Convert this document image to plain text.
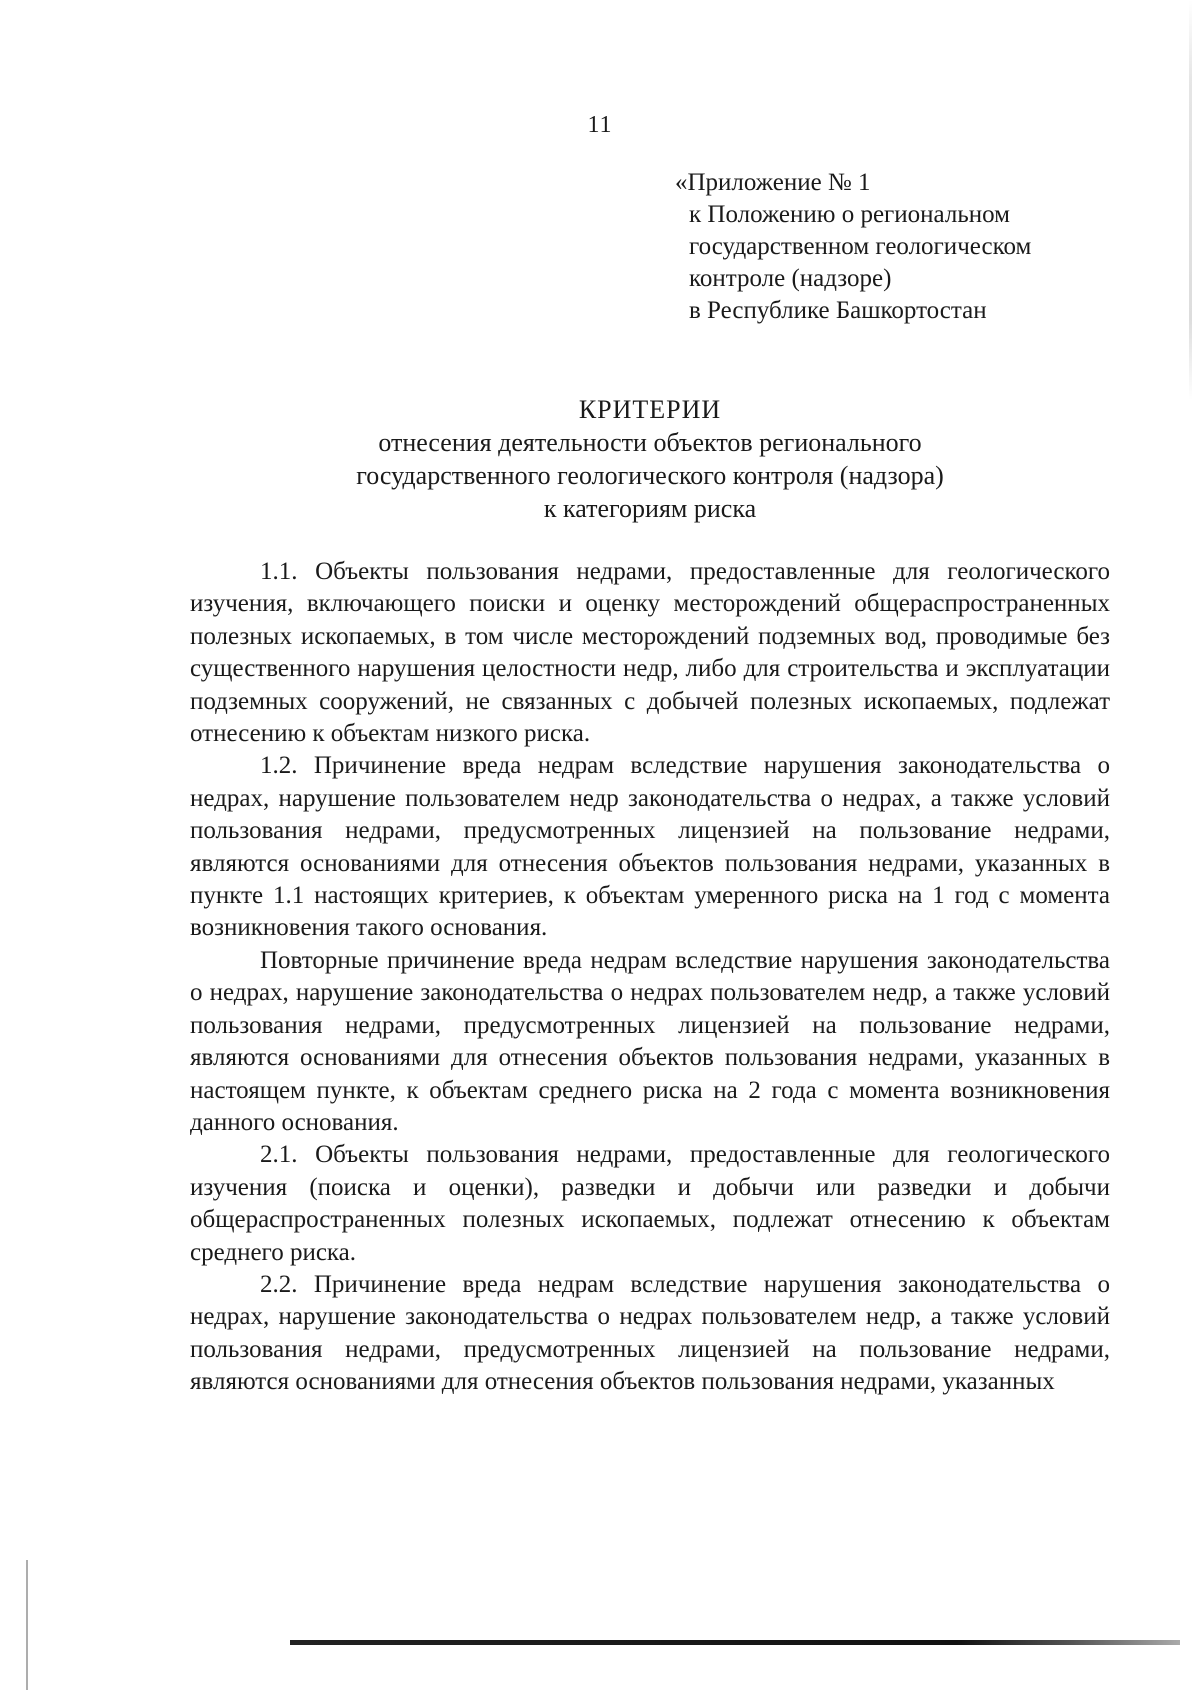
11
«Приложение № 1
к Положению о региональном
государственном геологическом
контроле (надзоре)
в Республике Башкортостан
КРИТЕРИИ
отнесения деятельности объектов регионального
государственного геологического контроля (надзора)
к категориям риска

1.1. Объекты пользования недрами, предоставленные для геологического изучения, включающего поиски и оценку месторождений общераспространенных полезных ископаемых, в том числе месторождений подземных вод, проводимые без существенного нарушения целостности недр, либо для строительства и эксплуатации подземных сооружений, не связанных с добычей полезных ископаемых, подлежат отнесению к объектам низкого риска.

1.2. Причинение вреда недрам вследствие нарушения законодательства о недрах, нарушение пользователем недр законодательства о недрах, а также условий пользования недрами, предусмотренных лицензией на пользование недрами, являются основаниями для отнесения объектов пользования недрами, указанных в пункте 1.1 настоящих критериев, к объектам умеренного риска на 1 год с момента возникновения такого основания.

Повторные причинение вреда недрам вследствие нарушения законодательства о недрах, нарушение законодательства о недрах пользователем недр, а также условий пользования недрами, предусмотренных лицензией на пользование недрами, являются основаниями для отнесения объектов пользования недрами, указанных в настоящем пункте, к объектам среднего риска на 2 года с момента возникновения данного основания.

2.1. Объекты пользования недрами, предоставленные для геологического изучения (поиска и оценки), разведки и добычи или разведки и добычи общераспространенных полезных ископаемых, подлежат отнесению к объектам среднего риска.

2.2. Причинение вреда недрам вследствие нарушения законодательства о недрах, нарушение законодательства о недрах пользователем недр, а также условий пользования недрами, предусмотренных лицензией на пользование недрами, являются основаниями для отнесения объектов пользования недрами, указанных
